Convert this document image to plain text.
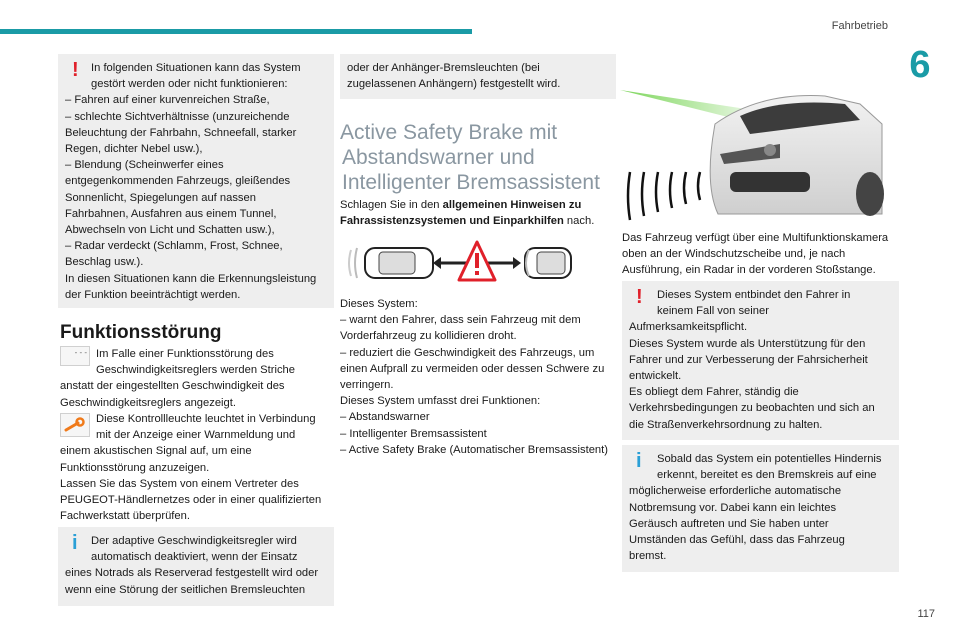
Fahrbetrieb
6
117
!	In folgenden Situationen kann das System

gestört werden oder nicht funktionieren:

– Fahren auf einer kurvenreichen Straße,

– schlechte Sichtverhältnisse (unzureichende

Beleuchtung der Fahrbahn, Schneefall, starker

Regen, dichter Nebel usw.),

– Blendung (Scheinwerfer eines

entgegenkommenden Fahrzeugs, gleißendes

Sonnenlicht, Spiegelungen auf nassen

Fahrbahnen, Ausfahren aus einem Tunnel,

Abwechseln von Licht und Schatten usw.),

– Radar verdeckt (Schlamm, Frost, Schnee,

Beschlag usw.).

In diesen Situationen kann die Erkennungsleistung

der Funktion beeinträchtigt werden.

Funktionsstörung
- - - Im Falle einer Funktionsstörung des

Geschwindigkeitsreglers werden Striche

anstatt der eingestellten Geschwindigkeit des

Geschwindigkeitsreglers angezeigt.

Diese Kontrollleuchte leuchtet in Verbindung

mit der Anzeige einer Warnmeldung und

einem akustischen Signal auf, um eine

Funktionsstörung anzuzeigen.

Lassen Sie das System von einem Vertreter des

PEUGEOT-Händlernetzes oder in einer qualifizierten

Fachwerkstatt überprüfen.

i	Der adaptive Geschwindigkeitsregler wird

automatisch deaktiviert, wenn der Einsatz

eines Notrads als Reserverad festgestellt wird oder

wenn eine Störung der seitlichen Bremsleuchten

oder der Anhänger-Bremsleuchten (bei

zugelassenen Anhängern) festgestellt wird.

Active Safety Brake mit
Abstandswarner und
Intelligenter Bremsassistent

Schlagen Sie in den allgemeinen Hinweisen zu Fahrassistenzsystemen und Einparkhilfen nach.

Dieses System:

– warnt den Fahrer, dass sein Fahrzeug mit dem

Vorderfahrzeug zu kollidieren droht.

– reduziert die Geschwindigkeit des Fahrzeugs, um

einen Aufprall zu vermeiden oder dessen Schwere zu

verringern.

Dieses System umfasst drei Funktionen:

– Abstandswarner

– Intelligenter Bremsassistent

– Active Safety Brake (Automatischer Bremsassistent)

Das Fahrzeug verfügt über eine Multifunktionskamera

oben an der Windschutzscheibe und, je nach

Ausführung, ein Radar in der vorderen Stoßstange.

!	Dieses System entbindet den Fahrer in

keinem Fall von seiner

Aufmerksamkeitspflicht.

Dieses System wurde als Unterstützung für den

Fahrer und zur Verbesserung der Fahrsicherheit

entwickelt.

Es obliegt dem Fahrer, ständig die

Verkehrsbedingungen zu beobachten und sich an

die Straßenverkehrsordnung zu halten.

i	Sobald das System ein potentielles Hindernis

erkennt, bereitet es den Bremskreis auf eine

möglicherweise erforderliche automatische

Notbremsung vor. Dabei kann ein leichtes

Geräusch auftreten und Sie haben unter

Umständen das Gefühl, dass das Fahrzeug

bremst.
